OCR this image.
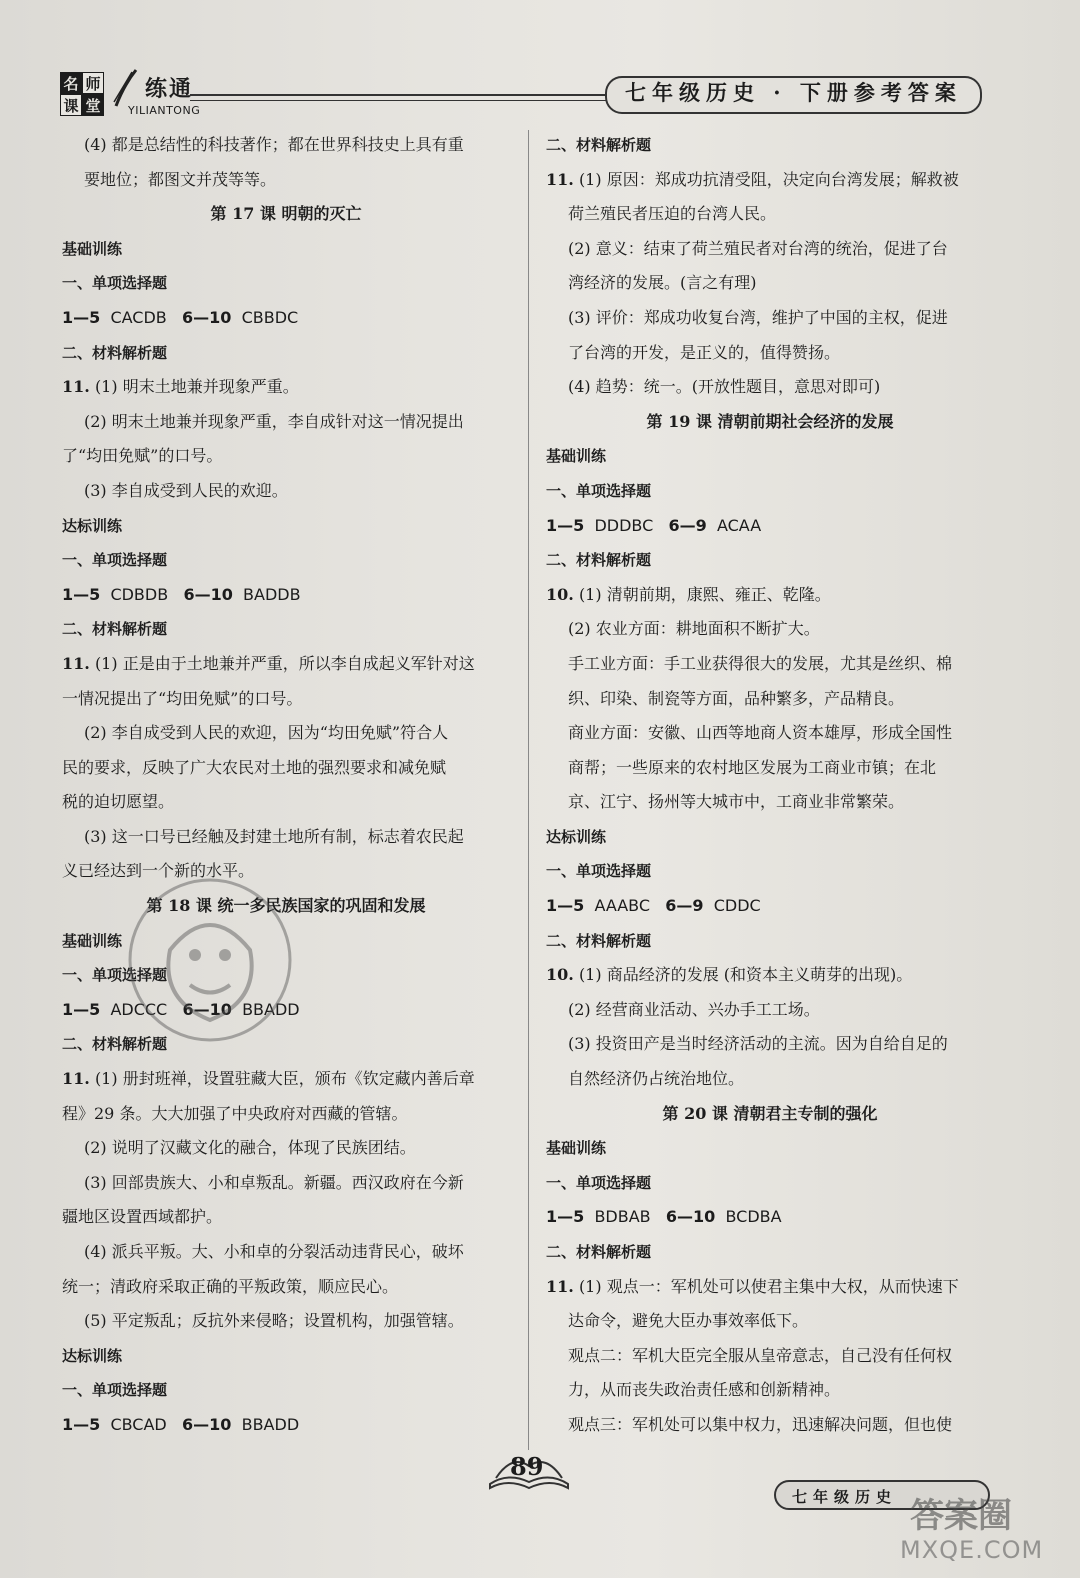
名 师
课 堂
练通
YILIANTONG
七年级历史 · 下册参考答案
(4) 都是总结性的科技著作；都在世界科技史上具有重
要地位；都图文并茂等等。
第 17 课 明朝的灭亡
基础训练
一、单项选择题
1—5 CACDB 6—10 CBBDC
二、材料解析题
11. (1) 明末土地兼并现象严重。
(2) 明末土地兼并现象严重，李自成针对这一情况提出
了“均田免赋”的口号。
(3) 李自成受到人民的欢迎。
达标训练
一、单项选择题
1—5 CDBDB 6—10 BADDB
二、材料解析题
11. (1) 正是由于土地兼并严重，所以李自成起义军针对这
一情况提出了“均田免赋”的口号。
(2) 李自成受到人民的欢迎，因为“均田免赋”符合人
民的要求，反映了广大农民对土地的强烈要求和减免赋
税的迫切愿望。
(3) 这一口号已经触及封建土地所有制，标志着农民起
义已经达到一个新的水平。
第 18 课 统一多民族国家的巩固和发展
基础训练
一、单项选择题
1—5 ADCCC 6—10 BBADD
二、材料解析题
11. (1) 册封班禅，设置驻藏大臣，颁布《钦定藏内善后章
程》29 条。大大加强了中央政府对西藏的管辖。
(2) 说明了汉藏文化的融合，体现了民族团结。
(3) 回部贵族大、小和卓叛乱。新疆。西汉政府在今新
疆地区设置西域都护。
(4) 派兵平叛。大、小和卓的分裂活动违背民心，破坏
统一；清政府采取正确的平叛政策，顺应民心。
(5) 平定叛乱；反抗外来侵略；设置机构，加强管辖。
达标训练
一、单项选择题
1—5 CBCAD 6—10 BBADD
二、材料解析题
11. (1) 原因：郑成功抗清受阻，决定向台湾发展；解救被
荷兰殖民者压迫的台湾人民。
(2) 意义：结束了荷兰殖民者对台湾的统治，促进了台
湾经济的发展。(言之有理)
(3) 评价：郑成功收复台湾，维护了中国的主权，促进
了台湾的开发，是正义的，值得赞扬。
(4) 趋势：统一。(开放性题目，意思对即可)
第 19 课 清朝前期社会经济的发展
基础训练
一、单项选择题
1—5 DDDBC 6—9 ACAA
二、材料解析题
10. (1) 清朝前期，康熙、雍正、乾隆。
(2) 农业方面：耕地面积不断扩大。
手工业方面：手工业获得很大的发展，尤其是丝织、棉
织、印染、制瓷等方面，品种繁多，产品精良。
商业方面：安徽、山西等地商人资本雄厚，形成全国性
商帮；一些原来的农村地区发展为工商业市镇；在北
京、江宁、扬州等大城市中，工商业非常繁荣。
达标训练
一、单项选择题
1—5 AAABC 6—9 CDDC
二、材料解析题
10. (1) 商品经济的发展 (和资本主义萌芽的出现)。
(2) 经营商业活动、兴办手工工场。
(3) 投资田产是当时经济活动的主流。因为自给自足的
自然经济仍占统治地位。
第 20 课 清朝君主专制的强化
基础训练
一、单项选择题
1—5 BDBAB 6—10 BCDBA
二、材料解析题
11. (1) 观点一：军机处可以使君主集中大权，从而快速下
达命令，避免大臣办事效率低下。
观点二：军机大臣完全服从皇帝意志，自己没有任何权
力，从而丧失政治责任感和创新精神。
观点三：军机处可以集中权力，迅速解决问题，但也使
89
七年级历史 答案圈
MXQE.COM
